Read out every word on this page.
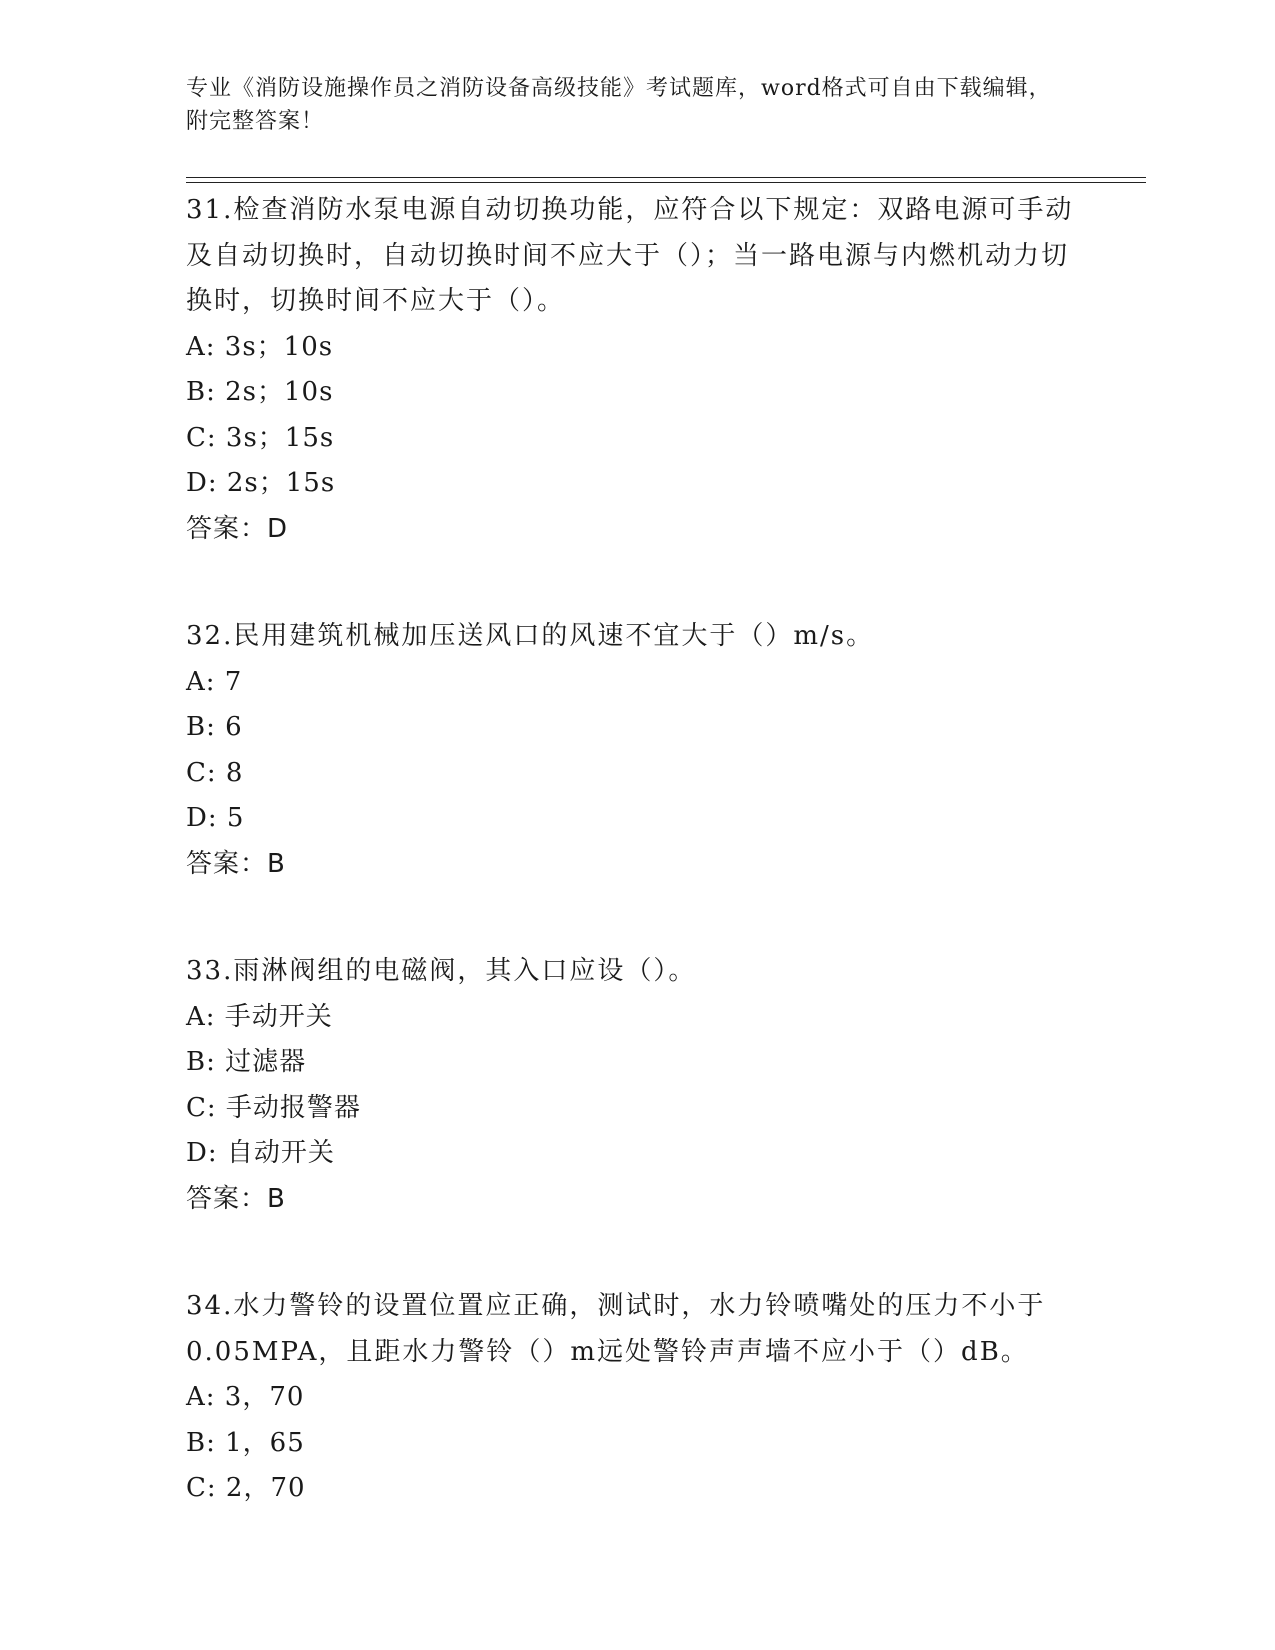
专业《消防设施操作员之消防设备高级技能》考试题库，word格式可自由下载编辑，附完整答案！

31.检查消防水泵电源自动切换功能，应符合以下规定：双路电源可手动及自动切换时，自动切换时间不应大于（）；当一路电源与内燃机动力切换时，切换时间不应大于（）。

A: 3s；10s
B: 2s；10s
C: 3s；15s
D: 2s；15s
答案：D

32.民用建筑机械加压送风口的风速不宜大于（）m/s。

A: 7
B: 6
C: 8
D: 5
答案：B

33.雨淋阀组的电磁阀，其入口应设（）。

A: 手动开关
B: 过滤器
C: 手动报警器
D: 自动开关
答案：B

34.水力警铃的设置位置应正确，测试时，水力铃喷嘴处的压力不小于0.05MPA，且距水力警铃（）m远处警铃声声墙不应小于（）dB。

A: 3，70
B: 1，65
C: 2，70
